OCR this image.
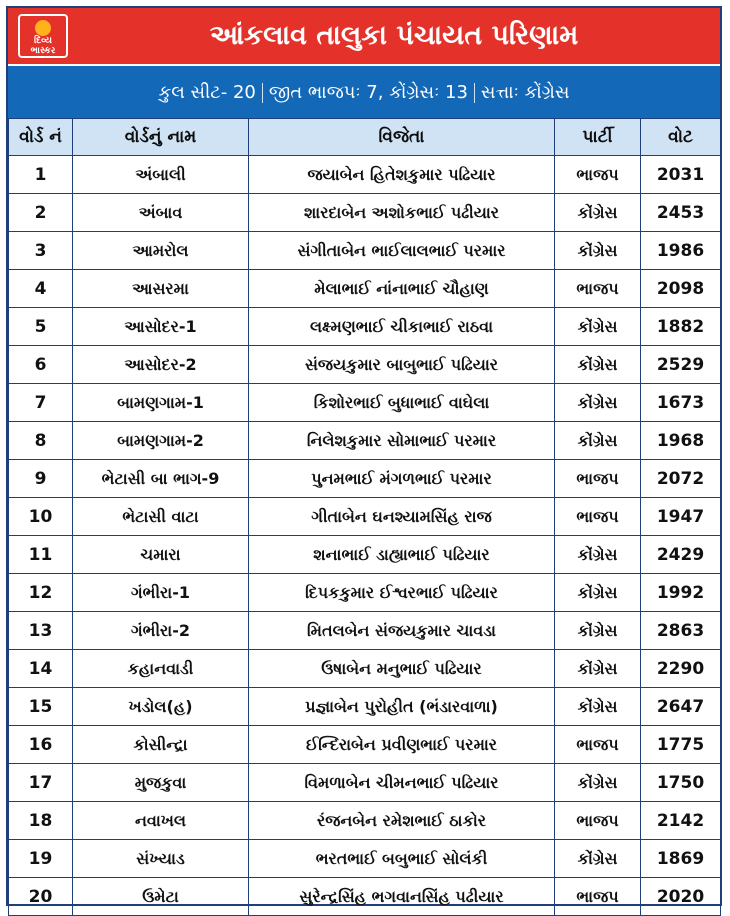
દિવ્ય
ભાસ્કર	આંકલાવ તાલુકા પંચાયત પરિણામ
કુલ સીટ- 20 જીત ભાજપઃ 7, કોંગ્રેસઃ 13 સત્તાઃ કોંગ્રેસ
વોર્ડ નં	વોર્ડનું નામ	વિજેતા	પાર્ટી	વોટ
1	અંબાલી	જયાબેન હિતેશકુમાર પઢિયાર	ભાજપ	2031
2	અંબાવ	શારદાબેન અશોકભાઈ પઢીયાર	કોંગ્રેસ	2453
3	આમરોલ	સંગીતાબેન ભાઈલાલભાઈ પરમાર	કોંગ્રેસ	1986
4	આસરમા	મેલાભાઈ નાંનાભાઈ ચૌહાણ	ભાજપ	2098
5	આસોદર-1	લક્ષ્મણભાઈ ચીકાભાઈ રાઠવા	કોંગ્રેસ	1882
6	આસોદર-2	સંજયકુમાર બાબુભાઈ પઢિયાર	કોંગ્રેસ	2529
7	બામણગામ-1	કિશોરભાઈ બુધાભાઈ વાઘેલા	કોંગ્રેસ	1673
8	બામણગામ-2	નિલેશકુમાર સોમાભાઈ પરમાર	કોંગ્રેસ	1968
9	ભેટાસી બા ભાગ-9	પુનમભાઈ મંગળભાઈ પરમાર	ભાજપ	2072
10	ભેટાસી વાટા	ગીતાબેન ઘનશ્યામસિંહ રાજ	ભાજપ	1947
11	ચમારા	શનાભાઈ ડાહ્યાભાઈ પઢિયાર	કોંગ્રેસ	2429
12	ગંભીરા-1	દિપકકુમાર ઈશ્વરભાઈ પઢિયાર	કોંગ્રેસ	1992
13	ગંભીરા-2	મિતલબેન સંજયકુમાર ચાવડા	કોંગ્રેસ	2863
14	કહાનવાડી	ઉષાબેન મનુભાઈ પઢિયાર	કોંગ્રેસ	2290
15	ખડોલ(હ)	પ્રજ્ઞાબેન પુરોહીત (ભંડારવાળા)	કોંગ્રેસ	2647
16	કોસીન્દ્રા	ઈન્દિરાબેન પ્રવીણભાઈ પરમાર	ભાજપ	1775
17	મુજકુવા	વિમળાબેન ચીમનભાઈ પઢિયાર	કોંગ્રેસ	1750
18	નવાખલ	રંજનબેન રમેશભાઈ ઠાકોર	ભાજપ	2142
19	સંખ્યાડ	ભરતભાઈ બબુભાઈ સોલંકી	કોંગ્રેસ	1869
20	ઉમેટા	સુરેન્દ્રસિંહ ભગવાનસિંહ પઢીયાર	ભાજપ	2020
